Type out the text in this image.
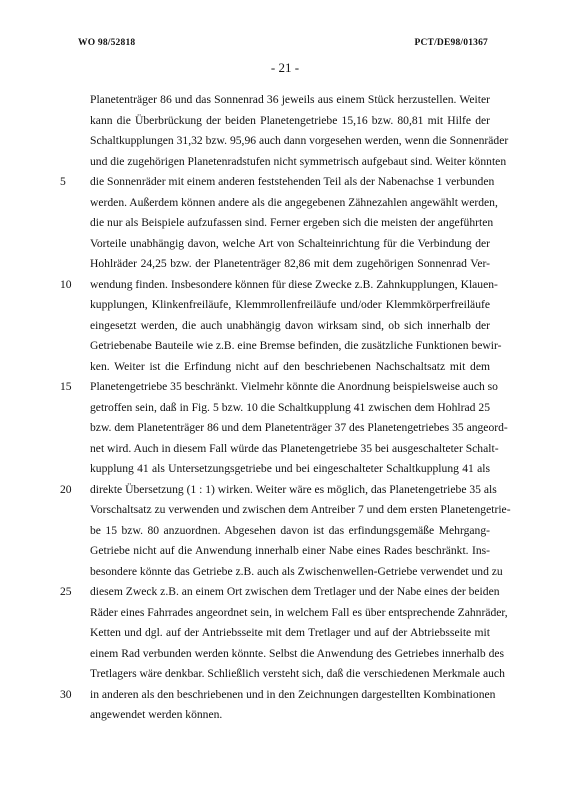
WO 98/52818	PCT/DE98/01367
- 21 -
5
10
15
20
25
30
Planetenträger 86 und das Sonnenrad 36 jeweils aus einem Stück herzustellen. Weiter
kann die Überbrückung der beiden Planetengetriebe 15,16 bzw. 80,81 mit Hilfe der
Schaltkupplungen 31,32 bzw. 95,96 auch dann vorgesehen werden, wenn die Sonnenräder
und die zugehörigen Planetenradstufen nicht symmetrisch aufgebaut sind. Weiter könnten
die Sonnenräder mit einem anderen feststehenden Teil als der Nabenachse 1 verbunden
werden. Außerdem können andere als die angegebenen Zähnezahlen angewählt werden,
die nur als Beispiele aufzufassen sind. Ferner ergeben sich die meisten der angeführten
Vorteile unabhängig davon, welche Art von Schalteinrichtung für die Verbindung der
Hohlräder 24,25 bzw. der Planetenträger 82,86 mit dem zugehörigen Sonnenrad Ver-
wendung finden. Insbesondere können für diese Zwecke z.B. Zahnkupplungen, Klauen-
kupplungen, Klinkenfreiläufe, Klemmrollenfreiläufe und/oder Klemmkörperfreiläufe
eingesetzt werden, die auch unabhängig davon wirksam sind, ob sich innerhalb der
Getriebenabe Bauteile wie z.B. eine Bremse befinden, die zusätzliche Funktionen bewir-
ken. Weiter ist die Erfindung nicht auf den beschriebenen Nachschaltsatz mit dem
Planetengetriebe 35 beschränkt. Vielmehr könnte die Anordnung beispielsweise auch so
getroffen sein, daß in Fig. 5 bzw. 10 die Schaltkupplung 41 zwischen dem Hohlrad 25
bzw. dem Planetenträger 86 und dem Planetenträger 37 des Planetengetriebes 35 angeord-
net wird. Auch in diesem Fall würde das Planetengetriebe 35 bei ausgeschalteter Schalt-
kupplung 41 als Untersetzungsgetriebe und bei eingeschalteter Schaltkupplung 41 als
direkte Übersetzung (1 : 1) wirken. Weiter wäre es möglich, das Planetengetriebe 35 als
Vorschaltsatz zu verwenden und zwischen dem Antreiber 7 und dem ersten Planetengetrie-
be 15 bzw. 80 anzuordnen. Abgesehen davon ist das erfindungsgemäße Mehrgang-
Getriebe nicht auf die Anwendung innerhalb einer Nabe eines Rades beschränkt. Ins-
besondere könnte das Getriebe z.B. auch als Zwischenwellen-Getriebe verwendet und zu
diesem Zweck z.B. an einem Ort zwischen dem Tretlager und der Nabe eines der beiden
Räder eines Fahrrades angeordnet sein, in welchem Fall es über entsprechende Zahnräder,
Ketten und dgl. auf der Antriebsseite mit dem Tretlager und auf der Abtriebsseite mit
einem Rad verbunden werden könnte. Selbst die Anwendung des Getriebes innerhalb des
Tretlagers wäre denkbar. Schließlich versteht sich, daß die verschiedenen Merkmale auch
in anderen als den beschriebenen und in den Zeichnungen dargestellten Kombinationen
angewendet werden können.
